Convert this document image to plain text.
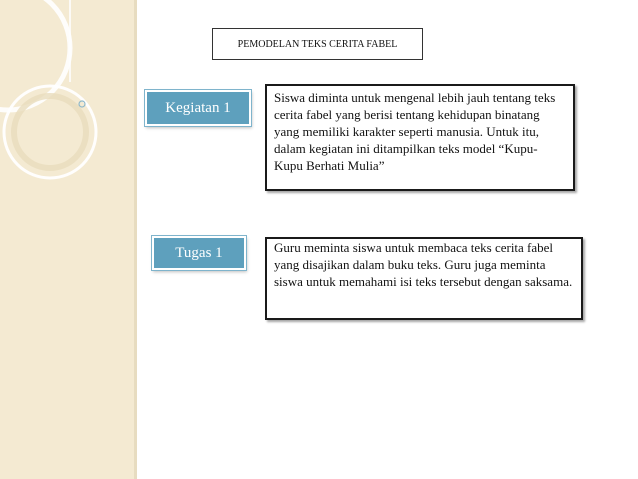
PEMODELAN TEKS CERITA FABEL
Kegiatan 1
Siswa diminta untuk mengenal lebih jauh tentang teks cerita fabel yang berisi tentang kehidupan binatang yang memiliki karakter seperti manusia. Untuk itu, dalam kegiatan ini ditampilkan teks model “Kupu-Kupu Berhati Mulia”
Tugas 1	Guru meminta siswa untuk membaca teks cerita fabel yang disajikan dalam buku teks. Guru juga meminta siswa untuk memahami isi teks tersebut dengan saksama.
